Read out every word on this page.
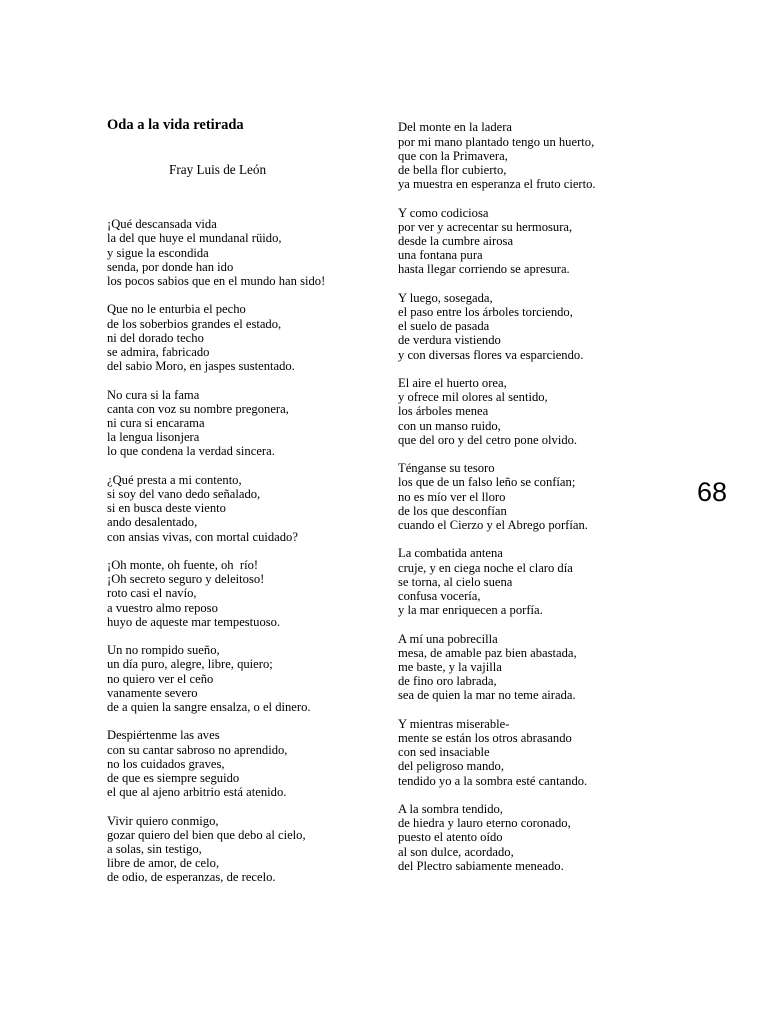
Oda a la vida retirada

Fray Luis de León

¡Qué descansada vida
la del que huye el mundanal rüido,
y sigue la escondida
senda, por donde han ido
los pocos sabios que en el mundo han sido!
Que no le enturbia el pecho
de los soberbios grandes el estado,
ni del dorado techo
se admira, fabricado
del sabio Moro, en jaspes sustentado.
No cura si la fama
canta con voz su nombre pregonera,
ni cura si encarama
la lengua lisonjera
lo que condena la verdad sincera.
¿Qué presta a mi contento,
si soy del vano dedo señalado,
si en busca deste viento
ando desalentado,
con ansias vivas, con mortal cuidado?
¡Oh monte, oh fuente, oh  río!
¡Oh secreto seguro y deleitoso!
roto casi el navío,
a vuestro almo reposo
huyo de aqueste mar tempestuoso.
Un no rompido sueño,
un día puro, alegre, libre, quiero;
no quiero ver el ceño
vanamente severo
de a quien la sangre ensalza, o el dinero.
Despiértenme las aves
con su cantar sabroso no aprendido,
no los cuidados graves,
de que es siempre seguido
el que al ajeno arbitrio está atenido.
Vivir quiero conmigo,
gozar quiero del bien que debo al cielo,
a solas, sin testigo,
libre de amor, de celo,
de odio, de esperanzas, de recelo.

Del monte en la ladera
por mi mano plantado tengo un huerto,
que con la Primavera,
de bella flor cubierto,
ya muestra en esperanza el fruto cierto.
Y como codiciosa
por ver y acrecentar su hermosura,
desde la cumbre airosa
una fontana pura
hasta llegar corriendo se apresura.
Y luego, sosegada,
el paso entre los árboles torciendo,
el suelo de pasada
de verdura vistiendo
y con diversas flores va esparciendo.
El aire el huerto orea,
y ofrece mil olores al sentido,
los árboles menea
con un manso ruido,
que del oro y del cetro pone olvido.
Ténganse su tesoro
los que de un falso leño se confían;
no es mío ver el lloro
de los que desconfían
cuando el Cierzo y el Abrego porfían.
La combatida antena
cruje, y en ciega noche el claro día
se torna, al cielo suena
confusa vocería,
y la mar enriquecen a porfía.
A mí una pobrecilla
mesa, de amable paz bien abastada,
me baste, y la vajilla
de fino oro labrada,
sea de quien la mar no teme airada.
Y mientras miserable-
mente se están los otros abrasando
con sed insaciable
del peligroso mando,
tendido yo a la sombra esté cantando.
A la sombra tendido,
de hiedra y lauro eterno coronado,
puesto el atento oído
al son dulce, acordado,
del Plectro sabiamente meneado.

68
